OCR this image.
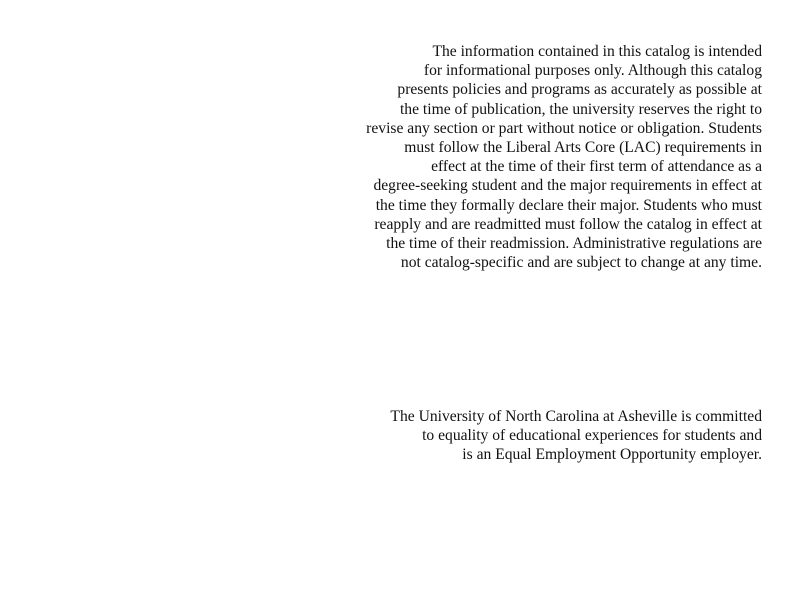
The information contained in this catalog is intended
for informational purposes only. Although this catalog
presents policies and programs as accurately as possible at
the time of publication, the university reserves the right to
revise any section or part without notice or obligation. Students
must follow the Liberal Arts Core (LAC) requirements in
effect at the time of their first term of attendance as a
degree-seeking student and the major requirements in effect at
the time they formally declare their major. Students who must
reapply and are readmitted must follow the catalog in effect at
the time of their readmission. Administrative regulations are
not catalog-specific and are subject to change at any time.
The University of North Carolina at Asheville is committed
to equality of educational experiences for students and
is an Equal Employment Opportunity employer.
